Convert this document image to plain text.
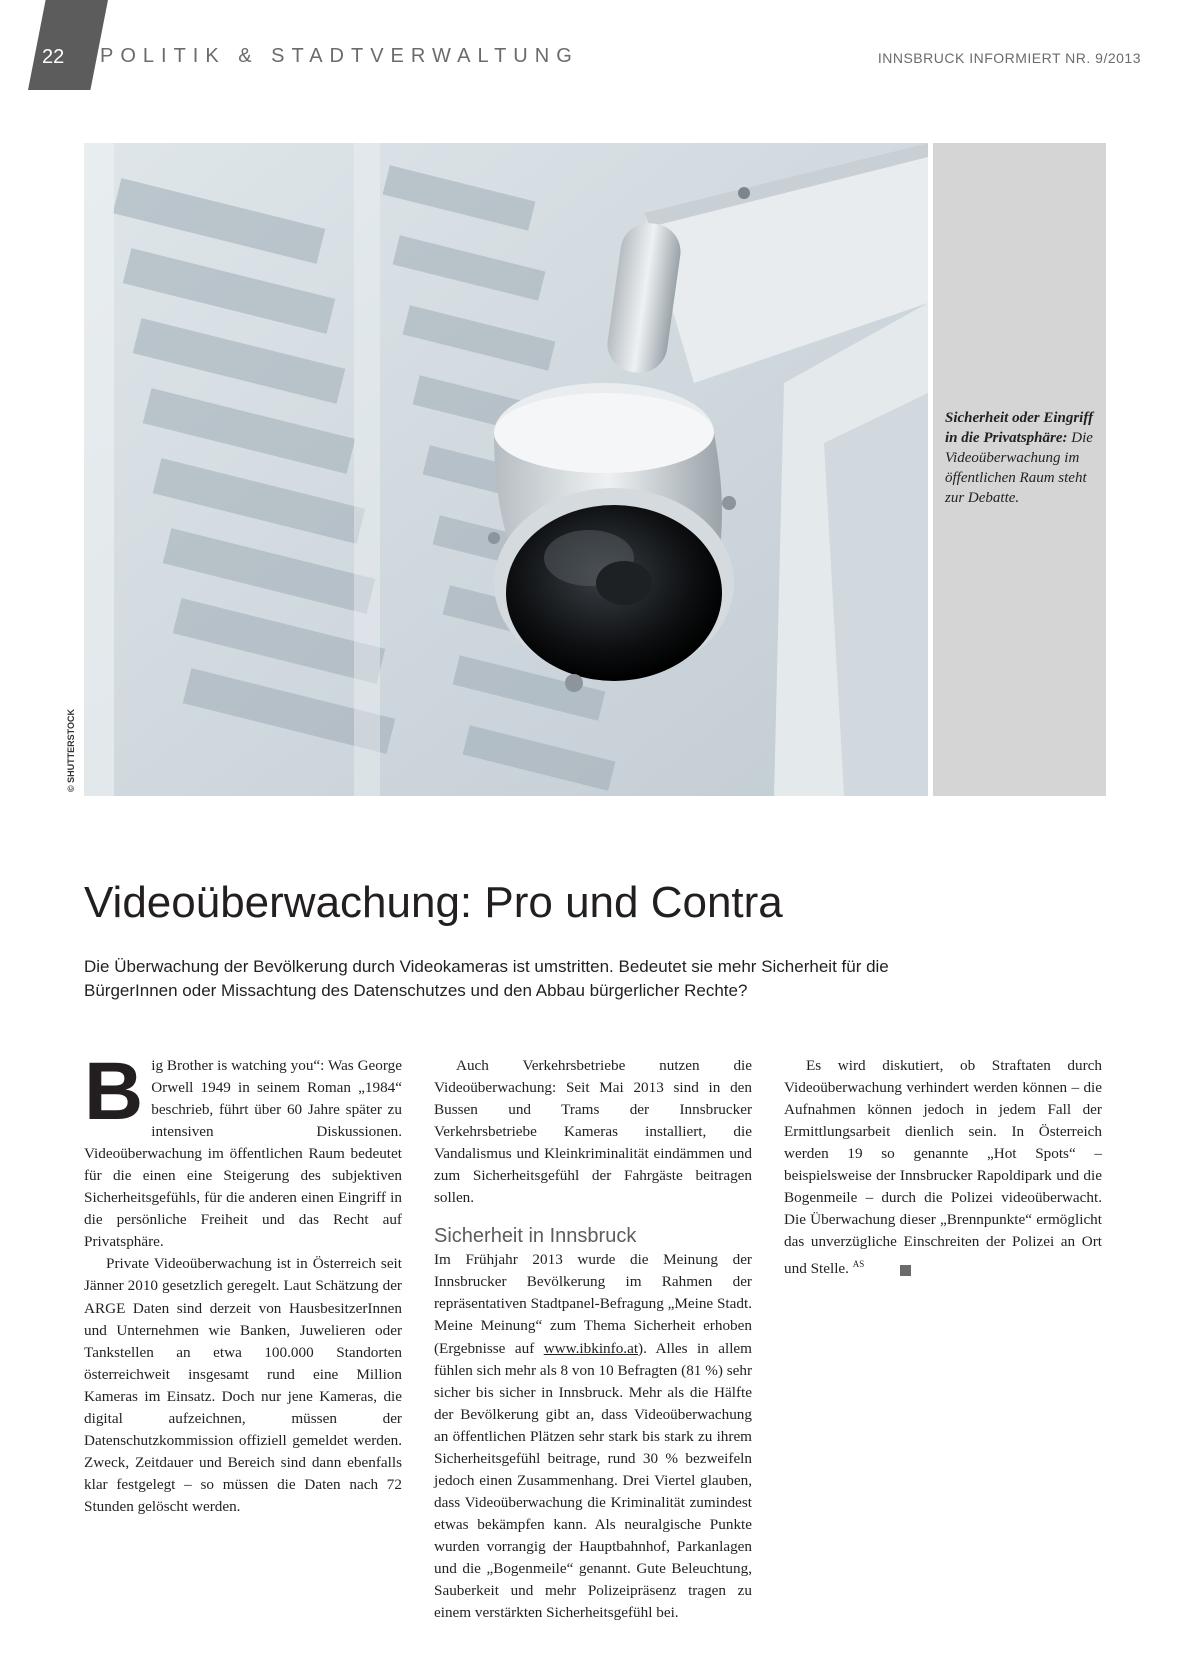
22	POLITIK & STADTVERWALTUNG	INNSBRUCK INFORMIERT NR. 9/2013
© SHUTTERSTOCK
Sicherheit oder Eingriff in die Privatsphäre: Die Videoüberwachung im öffentlichen Raum steht zur Debatte.
Videoüberwachung: Pro und Contra

Die Überwachung der Bevölkerung durch Videokameras ist umstritten. Bedeutet sie mehr Sicherheit für die BürgerInnen oder Missachtung des Datenschutzes und den Abbau bürgerlicher Rechte?

Big Brother is watching you“: Was George Orwell 1949 in seinem Roman „1984“ beschrieb, führt über 60 Jahre später zu intensiven Diskussionen. Videoüberwachung im öffentlichen Raum bedeutet für die einen eine Steigerung des subjektiven Sicherheitsgefühls, für die anderen einen Eingriff in die persönliche Freiheit und das Recht auf Privatsphäre.

Private Videoüberwachung ist in Österreich seit Jänner 2010 gesetzlich geregelt. Laut Schätzung der ARGE Daten sind derzeit von HausbesitzerInnen und Unternehmen wie Banken, Juwelieren oder Tankstellen an etwa 100.000 Standorten österreichweit insgesamt rund eine Million Kameras im Einsatz. Doch nur jene Kameras, die digital aufzeichnen, müssen der Datenschutzkommission offiziell gemeldet werden. Zweck, Zeitdauer und Bereich sind dann ebenfalls klar festgelegt – so müssen die Daten nach 72 Stunden gelöscht werden.

Auch Verkehrsbetriebe nutzen die Videoüberwachung: Seit Mai 2013 sind in den Bussen und Trams der Innsbrucker Verkehrsbetriebe Kameras installiert, die Vandalismus und Kleinkriminalität eindämmen und zum Sicherheitsgefühl der Fahrgäste beitragen sollen.

Sicherheit in Innsbruck

Im Frühjahr 2013 wurde die Meinung der Innsbrucker Bevölkerung im Rahmen der repräsentativen Stadtpanel-Befragung „Meine Stadt. Meine Meinung“ zum Thema Sicherheit erhoben (Ergebnisse auf www.ibkinfo.at). Alles in allem fühlen sich mehr als 8 von 10 Befragten (81 %) sehr sicher bis sicher in Innsbruck. Mehr als die Hälfte der Bevölkerung gibt an, dass Videoüberwachung an öffentlichen Plätzen sehr stark bis stark zu ihrem Sicherheitsgefühl beitrage, rund 30 % bezweifeln jedoch einen Zusammenhang. Drei Viertel glauben, dass Videoüberwachung die Kriminalität zumindest etwas bekämpfen kann. Als neuralgische Punkte wurden vorrangig der Hauptbahnhof, Parkanlagen und die „Bogenmeile“ genannt. Gute Beleuchtung, Sauberkeit und mehr Polizeipräsenz tragen zu einem verstärkten Sicherheitsgefühl bei.

Es wird diskutiert, ob Straftaten durch Videoüberwachung verhindert werden können – die Aufnahmen können jedoch in jedem Fall der Ermittlungsarbeit dienlich sein. In Österreich werden 19 so genannte „Hot Spots“ – beispielsweise der Innsbrucker Rapoldipark und die Bogenmeile – durch die Polizei videoüberwacht. Die Überwachung dieser „Brennpunkte“ ermöglicht das unverzügliche Einschreiten der Polizei an Ort und Stelle. $^{AS}$
